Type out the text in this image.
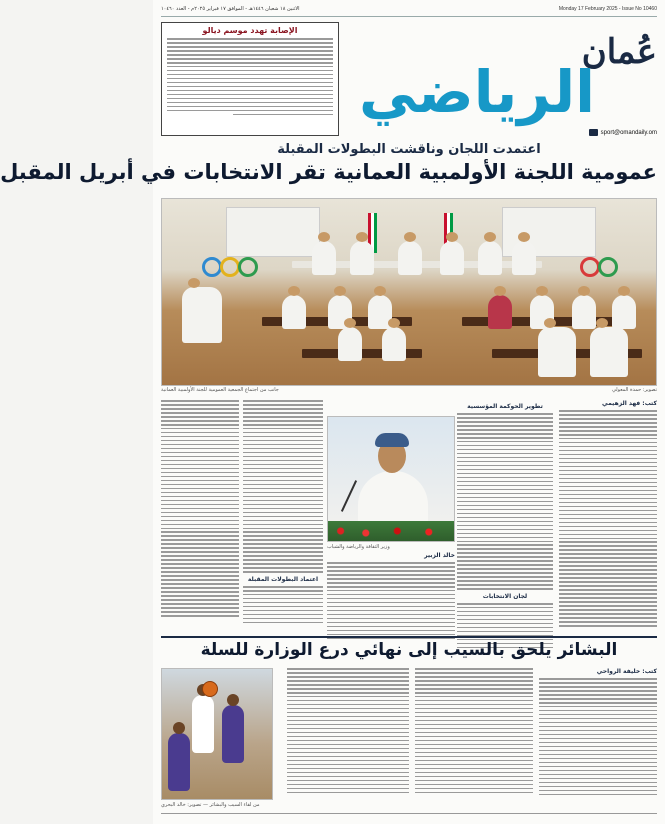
Monday 17 February 2025 - Issue No 10460
الاثنين ١٨ شعبان ١٤٤٦هـ - الموافق ١٧ فبراير ٢٠٢٥م - العدد ١٠٤٦٠
عُمان
الرياضي
sport@omandaily.om
الإصابة تهدد موسم ديالو
اعتمدت اللجان وناقشت البطولات المقبلة
عمومية اللجنة الأولمبية العمانية تقر الانتخابات في أبريل المقبل
تصوير: حمدة المعولي
جانب من اجتماع الجمعية العمومية للجنة الأولمبية العمانية
كتب: فهد الزهيمي
تطوير الحوكمة المؤسسية
لجان الانتخابات
وزير الثقافة والرياضة والشباب
خالد الزبير
اعتماد البطولات المقبلة
البشائر يلحق بالسيب إلى نهائي درع الوزارة للسلة
كتب: خليفة الرواحي
من لقاء السيب والبشائر — تصوير: خالد البحري
